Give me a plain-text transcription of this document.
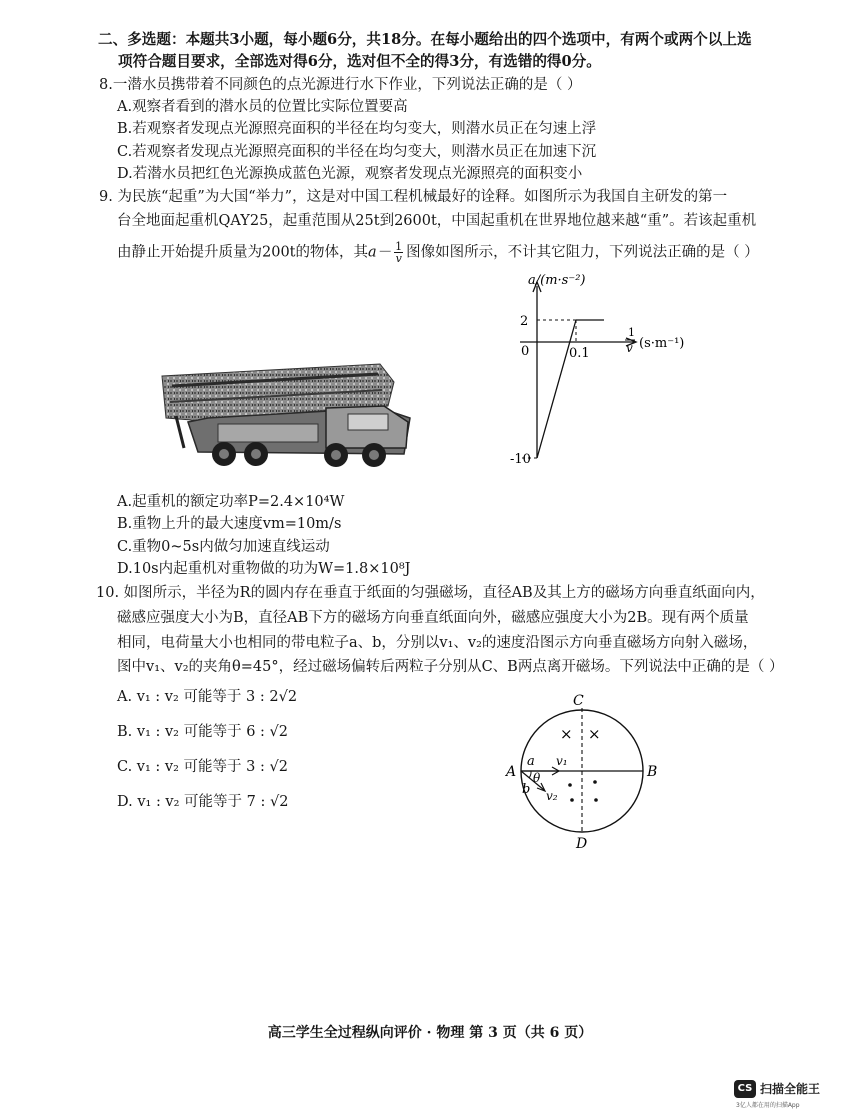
二、多选题：本题共3小题，每小题6分，共18分。在每小题给出的四个选项中，有两个或两个以上选
项符合题目要求，全部选对得6分，选对但不全的得3分，有选错的得0分。
8.一潜水员携带着不同颜色的点光源进行水下作业，下列说法正确的是（ ）
A.观察者看到的潜水员的位置比实际位置要高
B.若观察者发现点光源照亮面积的半径在均匀变大，则潜水员正在匀速上浮
C.若观察者发现点光源照亮面积的半径在均匀变大，则潜水员正在加速下沉
D.若潜水员把红色光源换成蓝色光源，观察者发现点光源照亮的面积变小
9. 为民族“起重”为大国“举力”，这是对中国工程机械最好的诠释。如图所示为我国自主研发的第一
台全地面起重机QAY25，起重范围从25t到2600t，中国起重机在世界地位越来越“重”。若该起重机
由静止开始提升质量为200t的物体，其$a- \frac{1}{v}$ 图像如图所示，不计其它阻力，下列说法正确的是（ ）
a/(m·s⁻²)
2
0	0.1
-10
1
v (s·m⁻¹)
A.起重机的额定功率P=2.4×10⁴W
B.重物上升的最大速度vm=10m/s
C.重物0~5s内做匀加速直线运动
D.10s内起重机对重物做的功为W=1.8×10⁸J
10. 如图所示，半径为R的圆内存在垂直于纸面的匀强磁场，直径AB及其上方的磁场方向垂直纸面向内，
磁感应强度大小为B，直径AB下方的磁场方向垂直纸面向外，磁感应强度大小为2B。现有两个质量
相同，电荷量大小也相同的带电粒子a、b，分别以v₁、v₂的速度沿图示方向垂直磁场方向射入磁场，
图中v₁、v₂的夹角θ=45°，经过磁场偏转后两粒子分别从C、B两点离开磁场。下列说法中正确的是（ ）
A. v₁ : v₂ 可能等于 3 : 2√2
B. v₁ : v₂ 可能等于 6 : √2
C. v₁ : v₂ 可能等于 3 : √2
D. v₁ : v₂ 可能等于 7 : √2
C
D
A	B
a
b
θ
v₁
v₂
× ×
高三学生全过程纵向评价 · 物理 第 3 页（共 6 页）
CS 扫描全能王
3亿人都在用的扫描App
